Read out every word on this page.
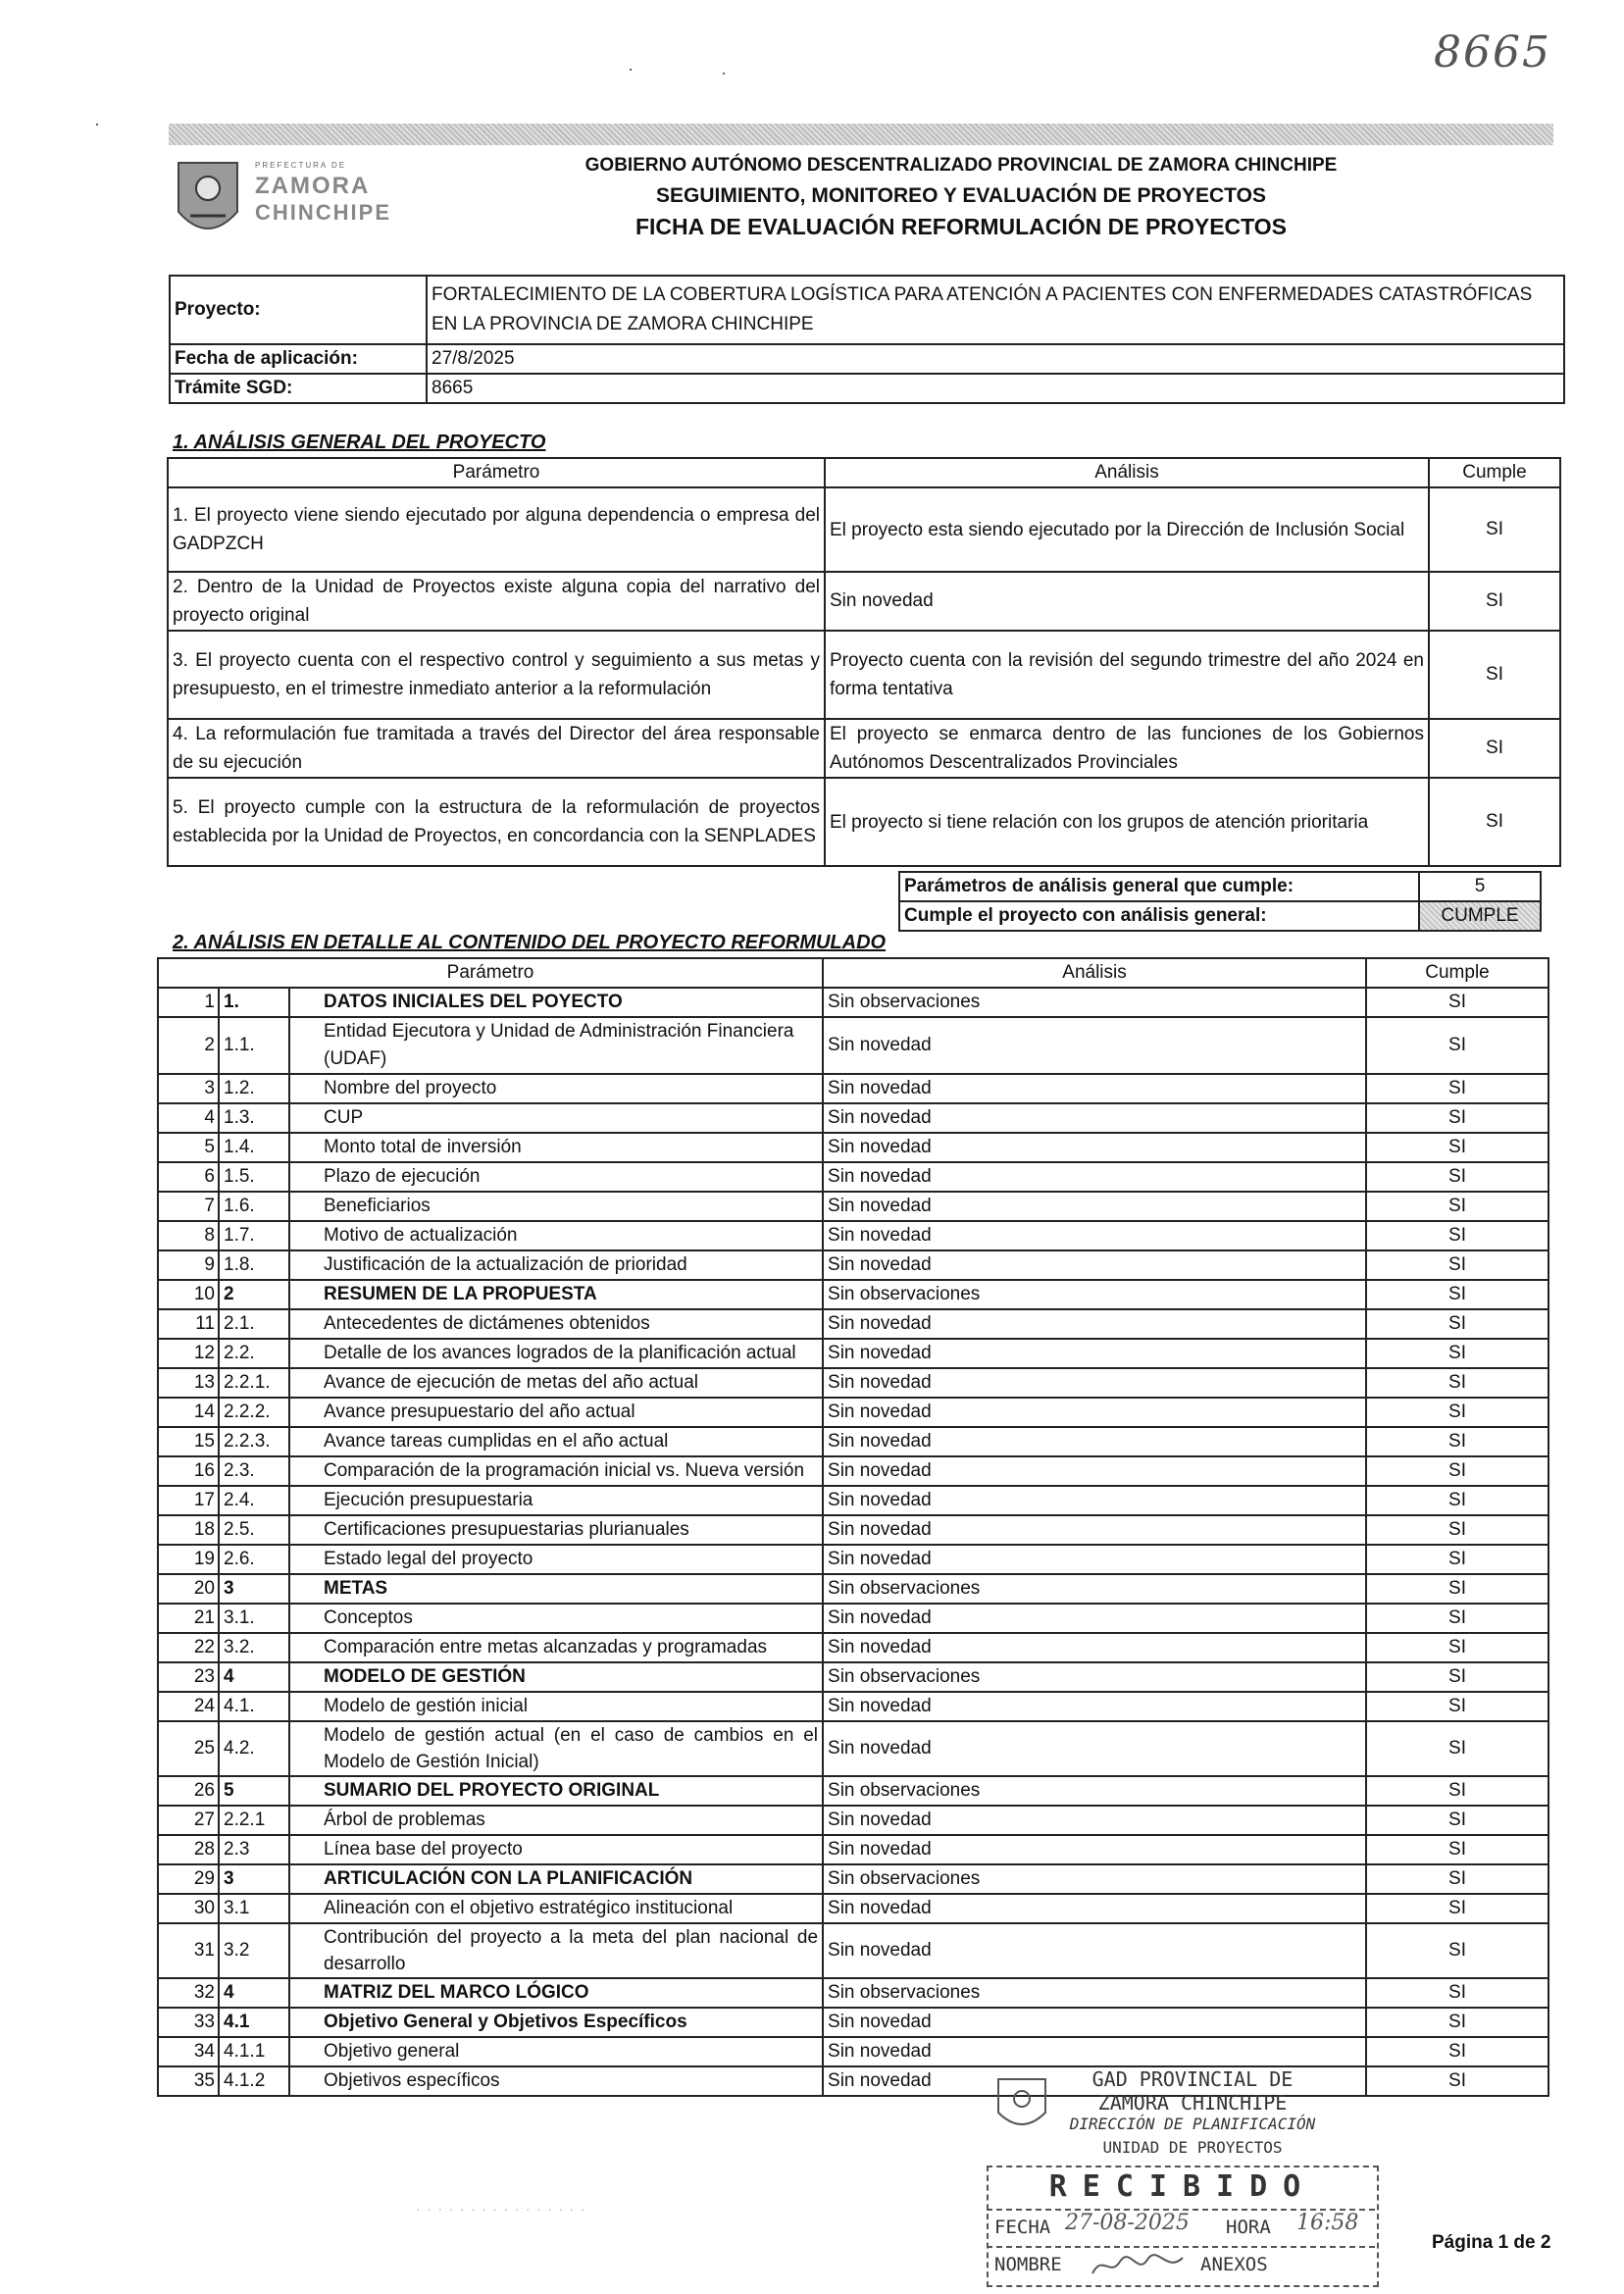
·
·	·	8665
PREFECTURA DE
ZAMORA
CHINCHIPE
GOBIERNO AUTÓNOMO DESCENTRALIZADO PROVINCIAL DE ZAMORA CHINCHIPE
SEGUIMIENTO, MONITOREO Y EVALUACIÓN DE PROYECTOS
FICHA DE EVALUACIÓN REFORMULACIÓN DE PROYECTOS
Proyecto:	FORTALECIMIENTO DE LA COBERTURA LOGÍSTICA PARA ATENCIÓN A PACIENTES CON ENFERMEDADES CATASTRÓFICAS EN LA PROVINCIA DE ZAMORA CHINCHIPE
Fecha de aplicación:	27/8/2025
Trámite SGD:	8665
1. ANÁLISIS GENERAL DEL PROYECTO
Parámetro	Análisis	Cumple
1. El proyecto viene siendo ejecutado por alguna dependencia o empresa del GADPZCH	El proyecto esta siendo ejecutado por la Dirección de Inclusión Social	SI
2. Dentro de la Unidad de Proyectos existe alguna copia del narrativo del proyecto original	Sin novedad	SI
3. El proyecto cuenta con el respectivo control y seguimiento a sus metas y presupuesto, en el trimestre inmediato anterior a la reformulación	Proyecto cuenta con la revisión del segundo trimestre del año 2024 en forma tentativa	SI
4. La reformulación fue tramitada a través del Director del área responsable de su ejecución	El proyecto se enmarca dentro de las funciones de los Gobiernos Autónomos Descentralizados Provinciales	SI
5. El proyecto cumple con la estructura de la reformulación de proyectos establecida por la Unidad de Proyectos, en concordancia con la SENPLADES	El proyecto si tiene relación con los grupos de atención prioritaria	SI
Parámetros de análisis general que cumple:	5
Cumple el proyecto con análisis general:	CUMPLE
2. ANÁLISIS EN DETALLE AL CONTENIDO DEL PROYECTO REFORMULADO
Parámetro			Análisis	Cumple
1	1.	DATOS INICIALES DEL POYECTO	Sin observaciones	SI
2	1.1.	Entidad Ejecutora y Unidad de Administración Financiera (UDAF)	Sin novedad	SI
3	1.2.	Nombre del proyecto	Sin novedad	SI
4	1.3.	CUP	Sin novedad	SI
5	1.4.	Monto total de inversión	Sin novedad	SI
6	1.5.	Plazo de ejecución	Sin novedad	SI
7	1.6.	Beneficiarios	Sin novedad	SI
8	1.7.	Motivo de actualización	Sin novedad	SI
9	1.8.	Justificación de la actualización de prioridad	Sin novedad	SI
10	2	RESUMEN DE LA PROPUESTA	Sin observaciones	SI
11	2.1.	Antecedentes de dictámenes obtenidos	Sin novedad	SI
12	2.2.	Detalle de los avances logrados de la planificación actual	Sin novedad	SI
13	2.2.1.	Avance de ejecución de metas del año actual	Sin novedad	SI
14	2.2.2.	Avance presupuestario del año actual	Sin novedad	SI
15	2.2.3.	Avance tareas cumplidas en el año actual	Sin novedad	SI
16	2.3.	Comparación de la programación inicial vs. Nueva versión	Sin novedad	SI
17	2.4.	Ejecución presupuestaria	Sin novedad	SI
18	2.5.	Certificaciones presupuestarias plurianuales	Sin novedad	SI
19	2.6.	Estado legal del proyecto	Sin novedad	SI
20	3	METAS	Sin observaciones	SI
21	3.1.	Conceptos	Sin novedad	SI
22	3.2.	Comparación entre metas alcanzadas y programadas	Sin novedad	SI
23	4	MODELO DE GESTIÓN	Sin observaciones	SI
24	4.1.	Modelo de gestión inicial	Sin novedad	SI
25	4.2.	Modelo de gestión actual (en el caso de cambios en el Modelo de Gestión Inicial)	Sin novedad	SI
26	5	SUMARIO DEL PROYECTO ORIGINAL	Sin observaciones	SI
27	2.2.1	Árbol de problemas	Sin novedad	SI
28	2.3	Línea base del proyecto	Sin novedad	SI
29	3	ARTICULACIÓN CON LA PLANIFICACIÓN	Sin observaciones	SI
30	3.1	Alineación con el objetivo estratégico institucional	Sin novedad	SI
31	3.2	Contribución del proyecto a la meta del plan nacional de desarrollo	Sin novedad	SI
32	4	MATRIZ DEL MARCO LÓGICO	Sin observaciones	SI
33	4.1	Objetivo General y Objetivos Específicos	Sin novedad	SI
34	4.1.1	Objetivo general	Sin novedad	SI
35	4.1.2	Objetivos específicos	Sin novedad	SI
· · · · · · · · · · · · · · · ·
GAD PROVINCIAL DE
ZAMORA CHINCHIPE
DIRECCIÓN DE PLANIFICACIÓN
UNIDAD DE PROYECTOS
RECIBIDO
FECHA 27-08-2025 HORA 16:58
NOMBRE	ANEXOS
Página 1 de 2
